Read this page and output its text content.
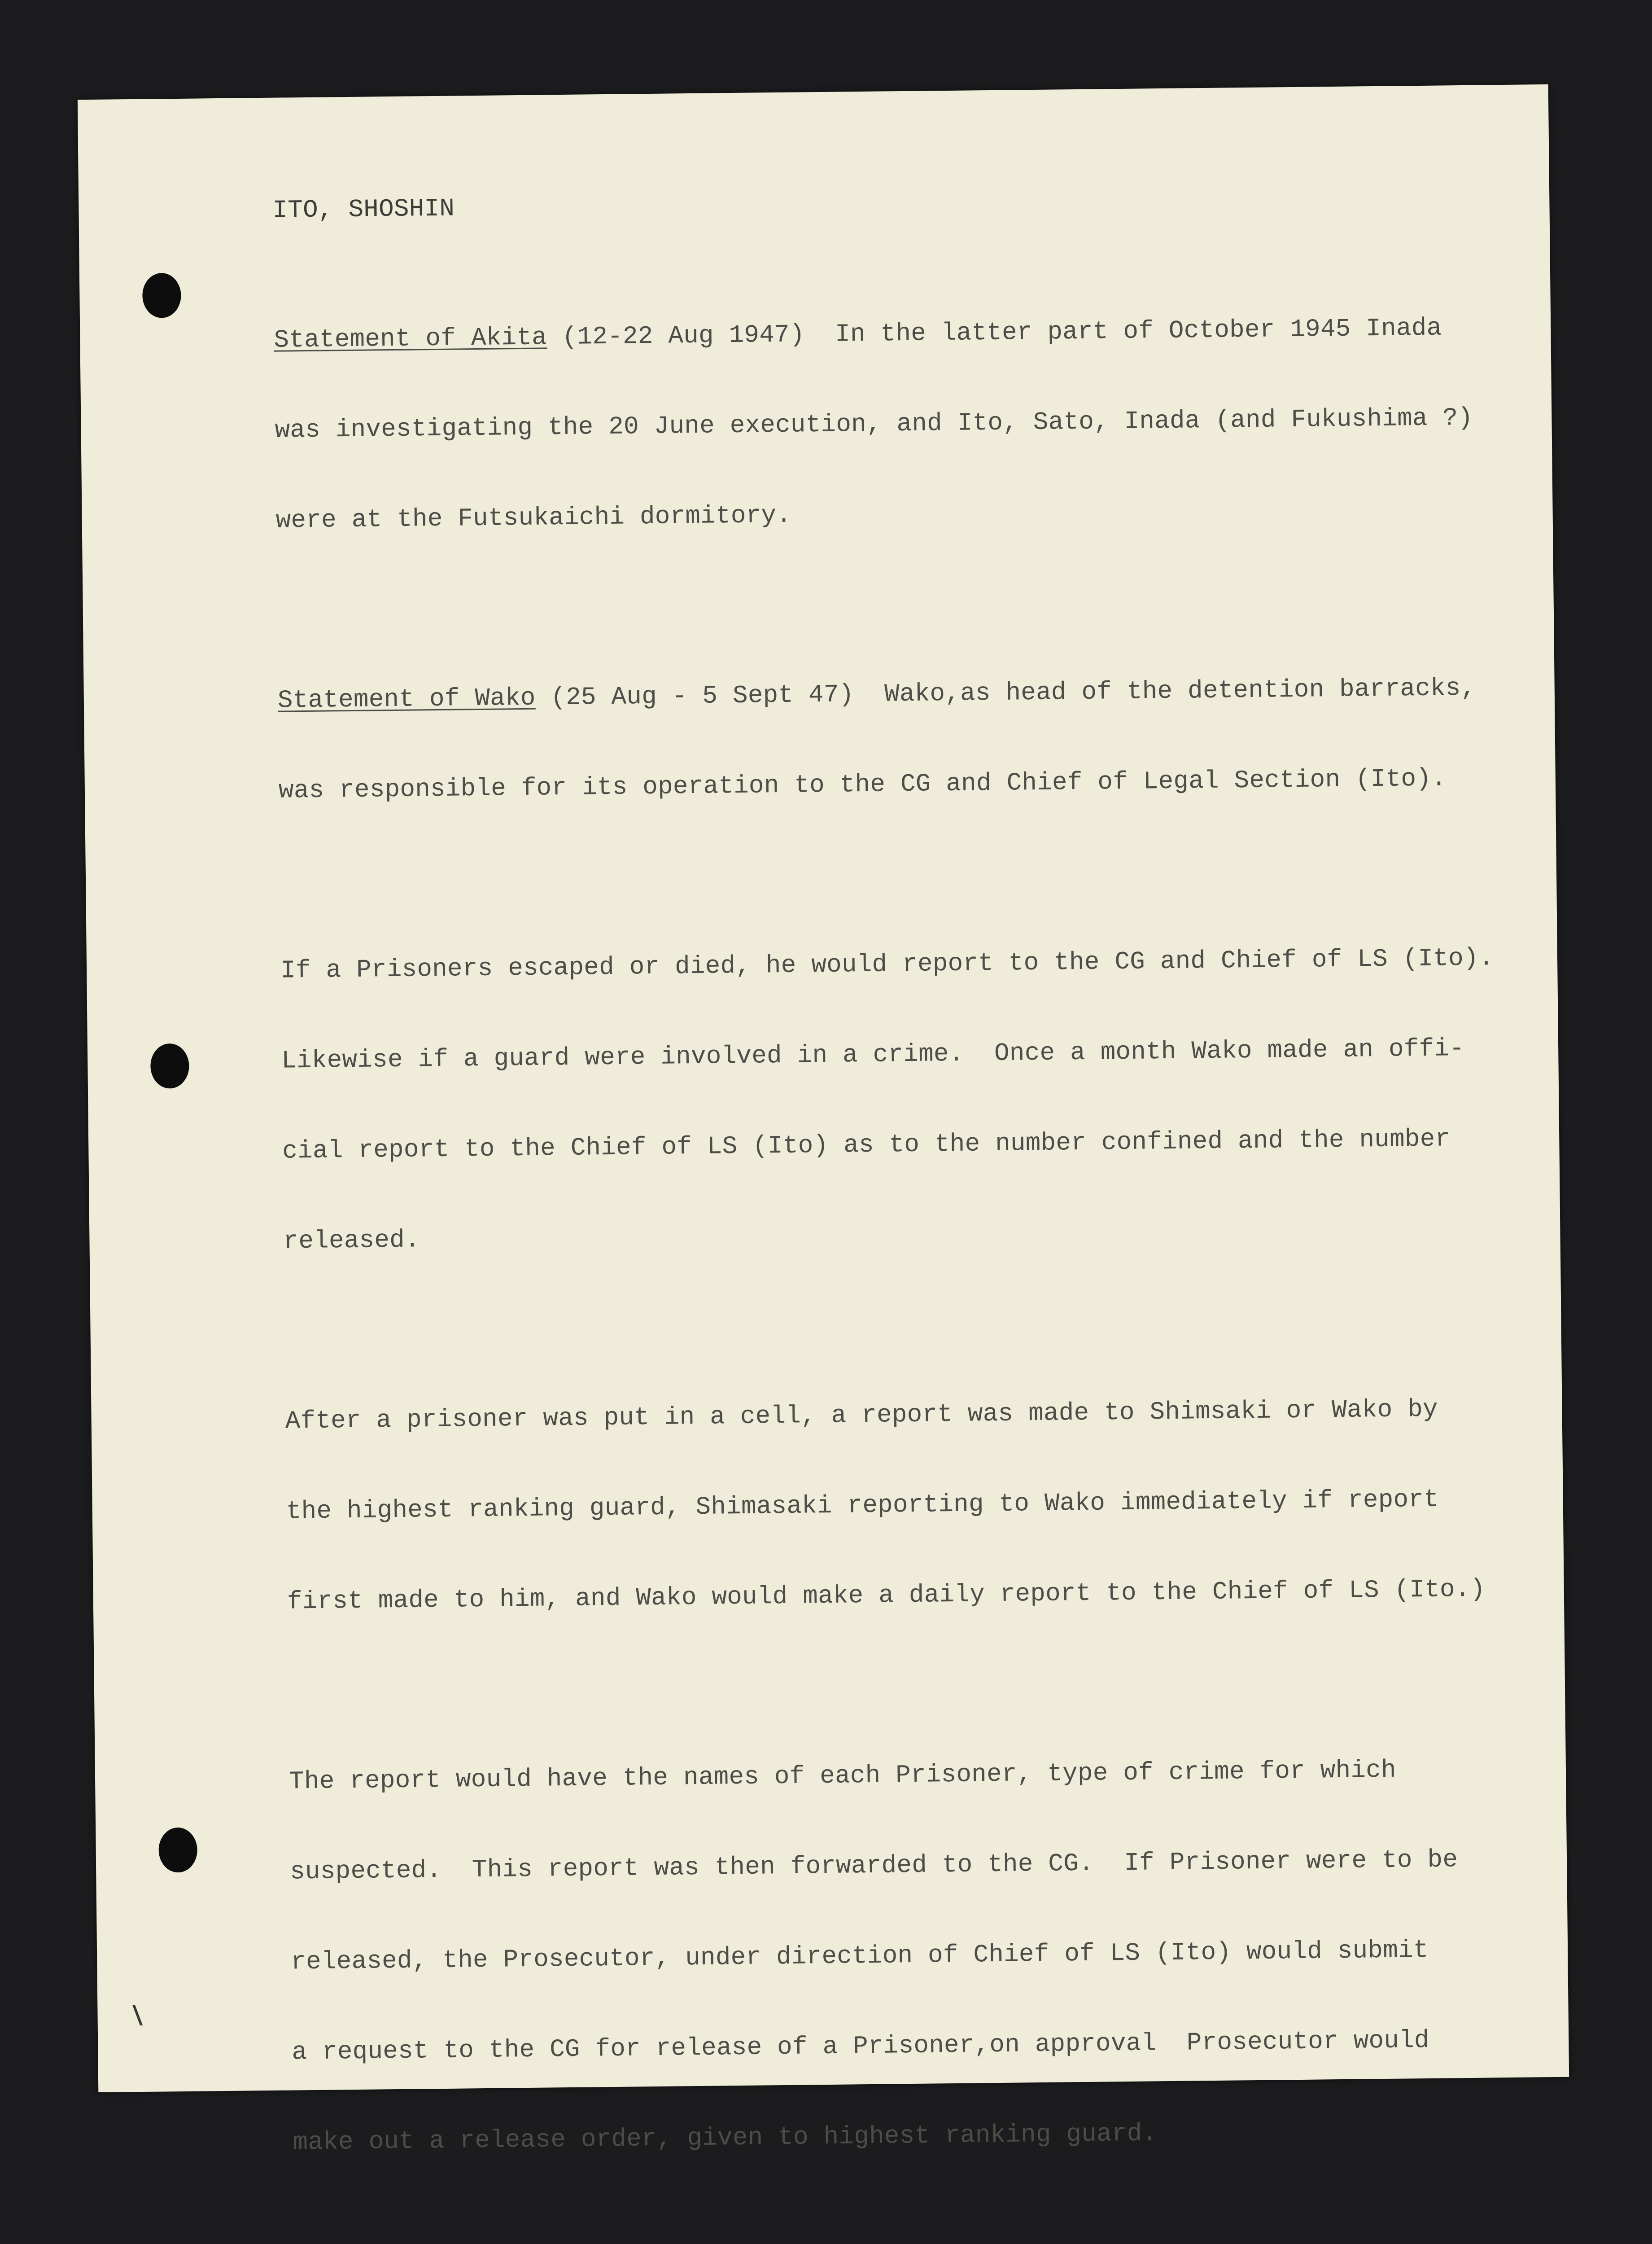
ITO, SHOSHIN

Statement of Akita (12-22 Aug 1947)  In the latter part of October 1945 Inada

was investigating the 20 June execution, and Ito, Sato, Inada (and Fukushima ?)

were at the Futsukaichi dormitory.

Statement of Wako (25 Aug - 5 Sept 47)  Wako,as head of the detention barracks,

was responsible for its operation to the CG and Chief of Legal Section (Ito).

If a Prisoners escaped or died, he would report to the CG and Chief of LS (Ito).

Likewise if a guard were involved in a crime.  Once a month Wako made an offi-

cial report to the Chief of LS (Ito) as to the number confined and the number

released.

After a prisoner was put in a cell, a report was made to Shimsaki or Wako by

the highest ranking guard, Shimasaki reporting to Wako immediately if report

first made to him, and Wako would make a daily report to the Chief of LS (Ito.)

The report would have the names of each Prisoner, type of crime for which

suspected.  This report was then forwarded to the CG.  If Prisoner were to be

released, the Prosecutor, under direction of Chief of LS (Ito) would submit

a request to the CG for release of a Prisoner,on approval  Prosecutor would

make out a release order, given to highest ranking guard.
